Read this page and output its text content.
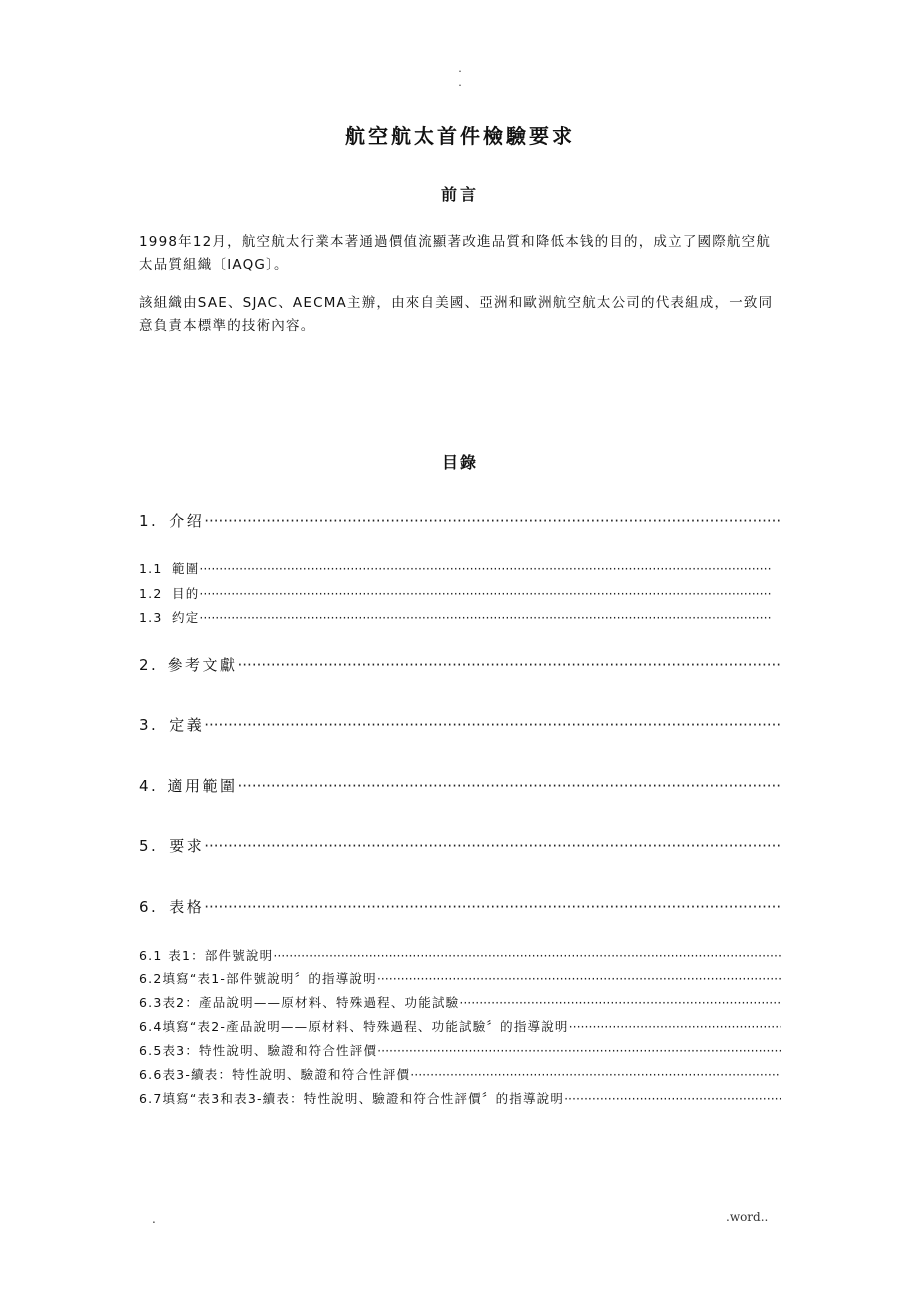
.
.
航空航太首件檢驗要求
前言

1998年12月，航空航太行業本著通過價值流顯著改進品質和降低本钱的目的，成立了國際航空航太品質組織〔IAQG〕。

該組織由SAE、SJAC、AECMA主辦，由來自美國、亞洲和歐洲航空航太公司的代表組成，一致同意負責本標準的技術內容。

目錄
1. 介绍
·····
1.1 範圍
·····
1.2 目的
·····
1.3 约定
·····
2. 參考文獻
·····
3. 定義
·····
4. 適用範圍
·····
5. 要求
·····
6. 表格
·····
6.1 表1：部件號說明
·····
6.2 填寫“表1-部件號說明〞的指導說明
·····
6.3 表2：產品說明——原材料、特殊過程、功能試驗
·····
6.4 填寫“表2-產品說明——原材料、特殊過程、功能試驗〞的指導說明
·····
6.5 表3：特性說明、驗證和符合性評價
·····
6.6 表3-續表：特性說明、驗證和符合性評價
·····
6.7 填寫“表3和表3-續表：特性說明、驗證和符合性評價〞的指導說明
·····
.	.word..
